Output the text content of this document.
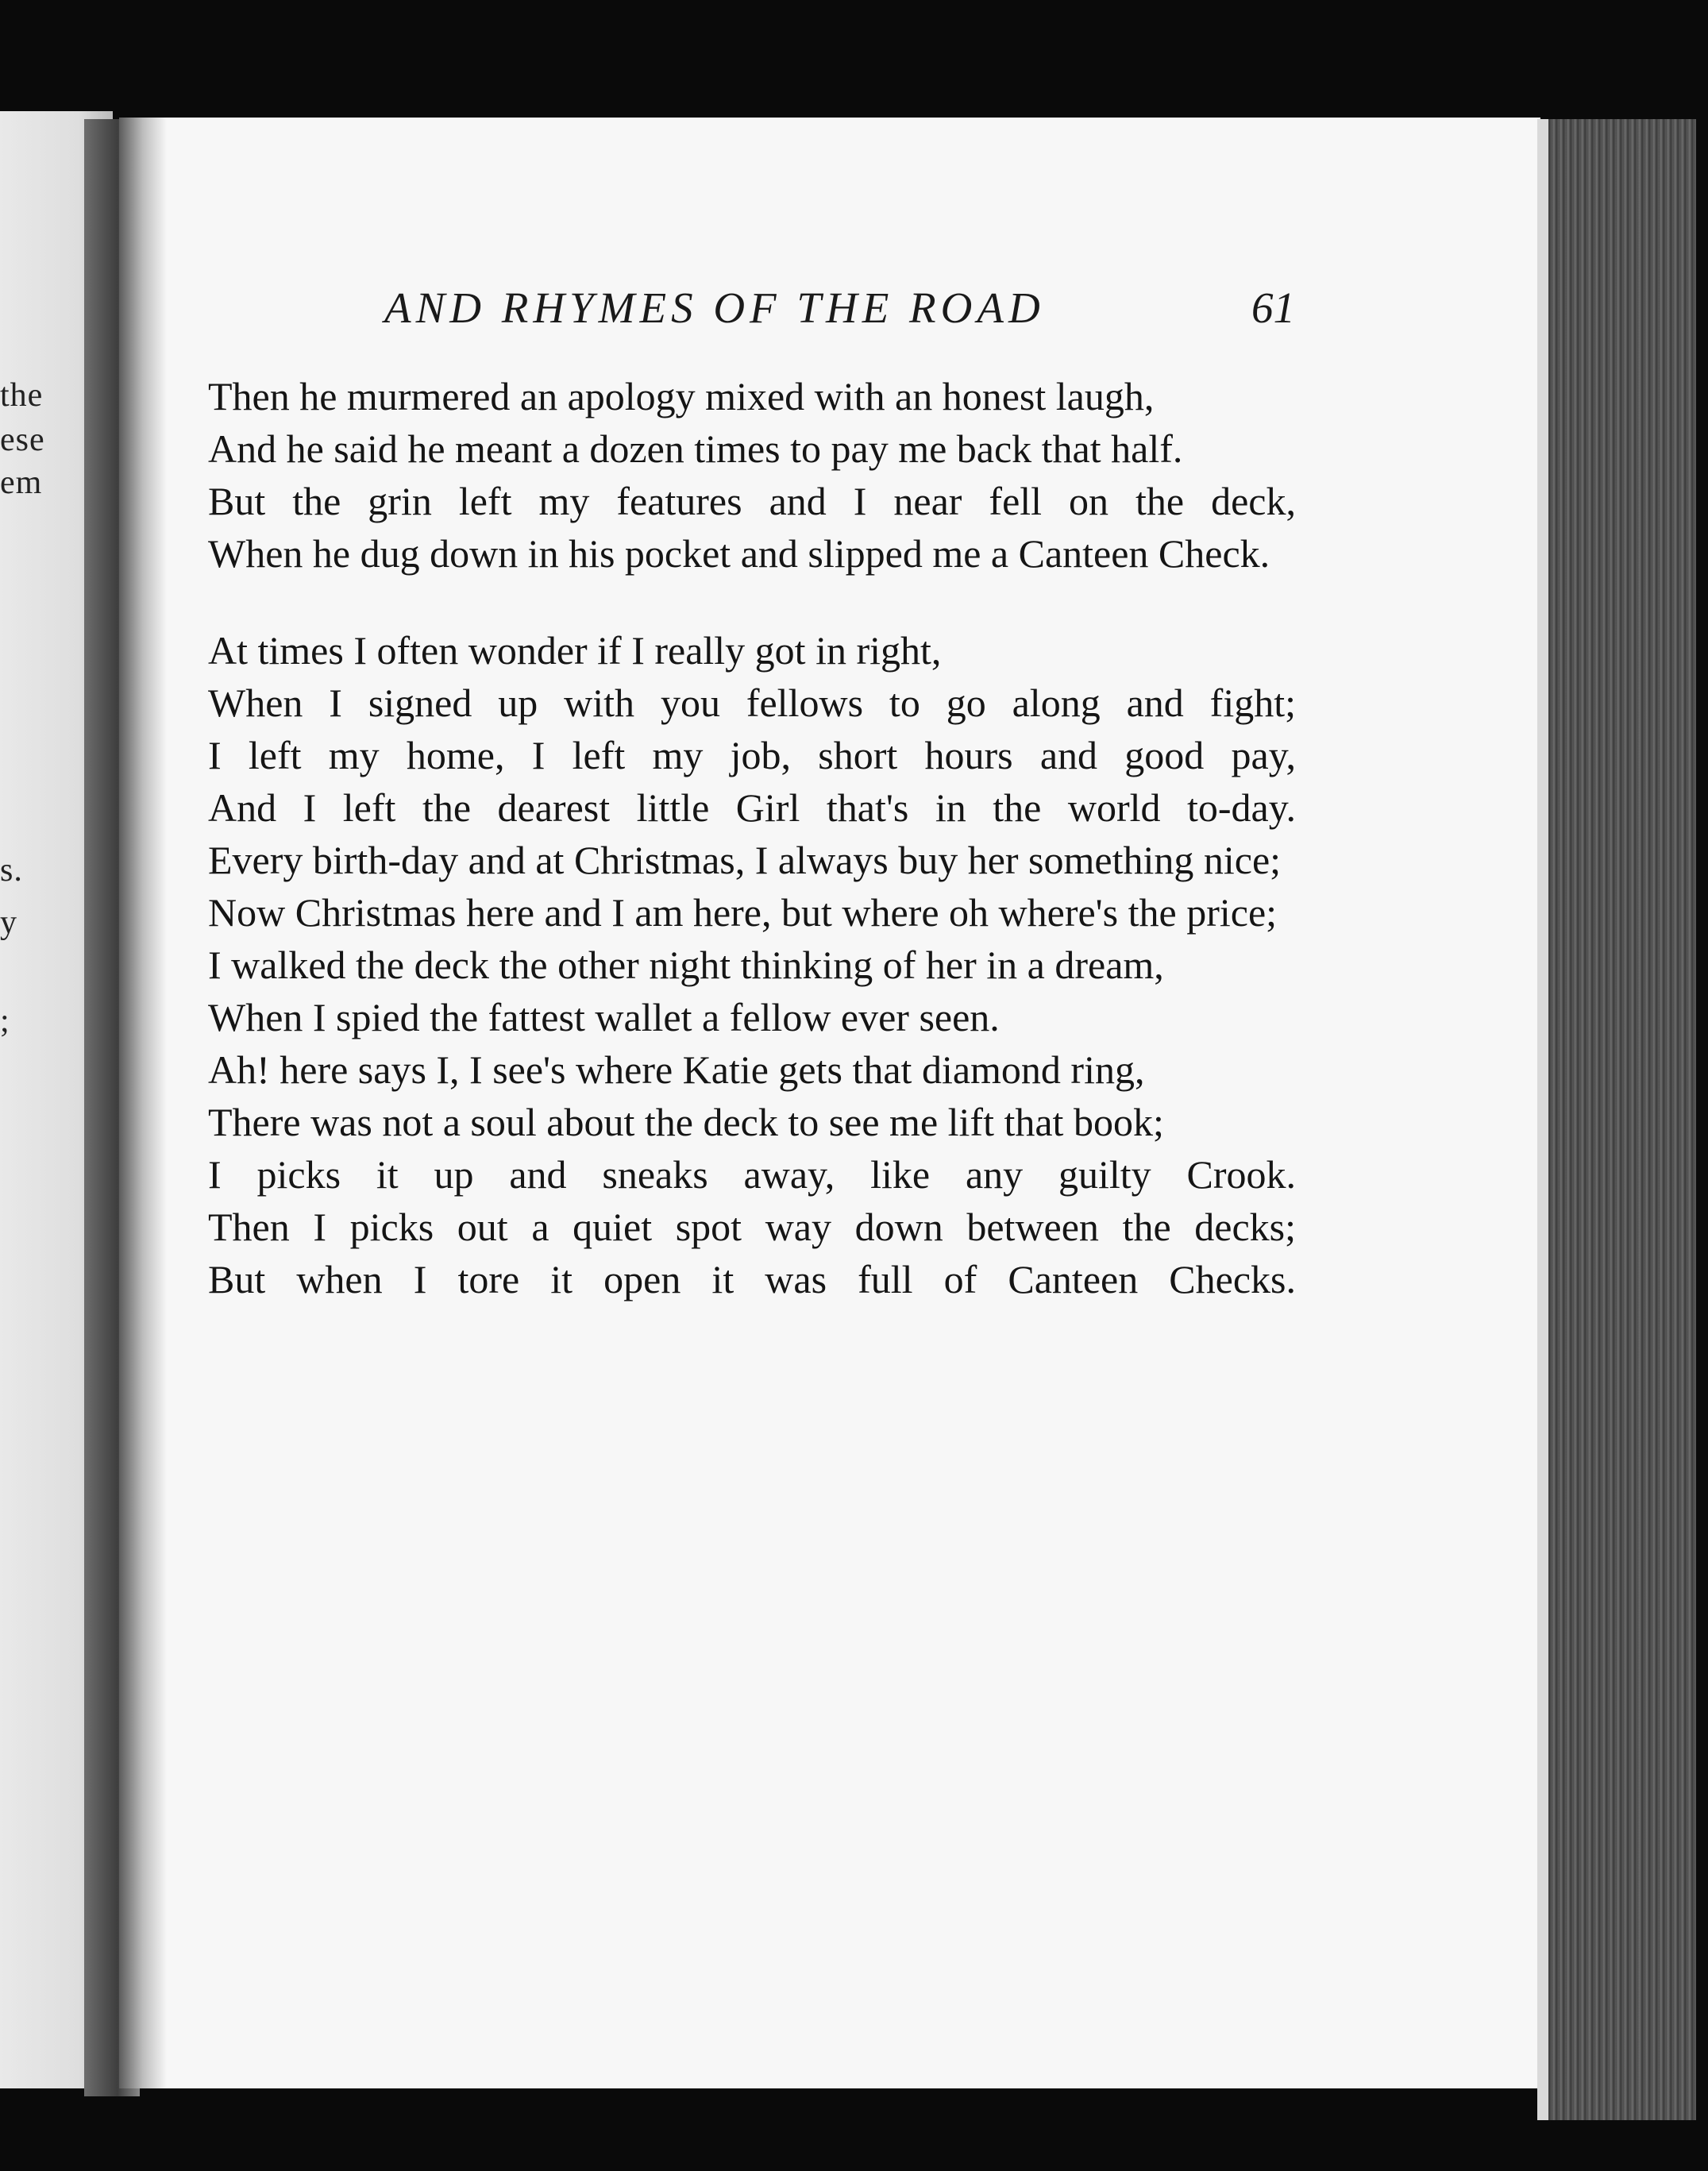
the
ese
em
s.
y
;
AND RHYMES OF THE ROAD	61

Then he murmered an apology mixed with an honest laugh,

And he said he meant a dozen times to pay me back that half.

But the grin left my features and I near fell on the deck,

When he dug down in his pocket and slipped me a Canteen Check.

At times I often wonder if I really got in right,

When I signed up with you fellows to go along and fight;

I left my home, I left my job, short hours and good pay,

And I left the dearest little Girl that's in the world to-day.

Every birth-day and at Christmas, I always buy her something nice;

Now Christmas here and I am here, but where oh where's the price;

I walked the deck the other night thinking of her in a dream,

When I spied the fattest wallet a fellow ever seen.

Ah! here says I, I see's where Katie gets that diamond ring,

There was not a soul about the deck to see me lift that book;

I picks it up and sneaks away, like any guilty Crook.

Then I picks out a quiet spot way down between the decks;

But when I tore it open it was full of Canteen Checks.
